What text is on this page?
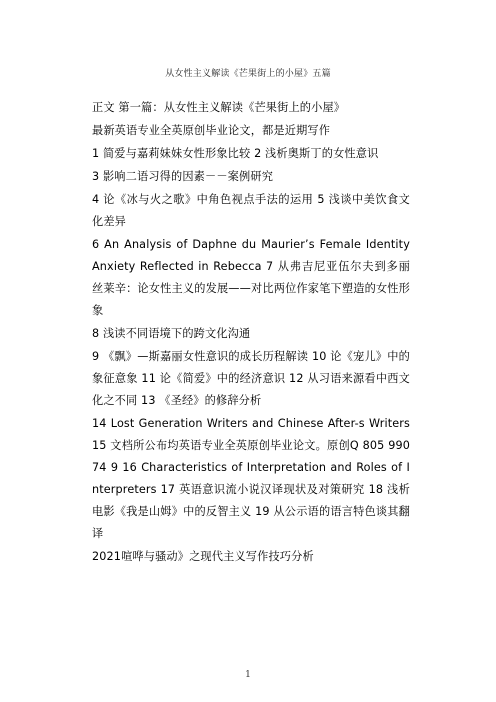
从女性主义解读《芒果街上的小屋》五篇

正文 第一篇：从女性主义解读《芒果街上的小屋》

最新英语专业全英原创毕业论文，都是近期写作

1 简爱与嘉莉妹妹女性形象比较 2 浅析奥斯丁的女性意识

3 影响二语习得的因素－－案例研究

4 论《冰与火之歌》中角色视点手法的运用 5 浅谈中美饮食文化差异

6 An Analysis of Daphne du Maurier’s Female Identity Anxiety Reflected in Rebecca 7 从弗吉尼亚伍尔夫到多丽丝莱辛：论女性主义的发展——对比两位作家笔下塑造的女性形象

8 浅读不同语境下的跨文化沟通

9 《飘》—斯嘉丽女性意识的成长历程解读 10 论《宠儿》中的象征意象 11 论《简爱》中的经济意识 12 从习语来源看中西文化之不同 13 《圣经》的修辞分析

14 Lost Generation Writers and Chinese After-s Writers 15 文档所公布均英语专业全英原创毕业论文。原创Q 805 990 74 9 16 Characteristics of Interpretation and Roles of Interpreters 17 英语意识流小说汉译现状及对策研究 18 浅析电影《我是山姆》中的反智主义 19 从公示语的语言特色谈其翻译

2021喧哗与骚动》之现代主义写作技巧分析

1
